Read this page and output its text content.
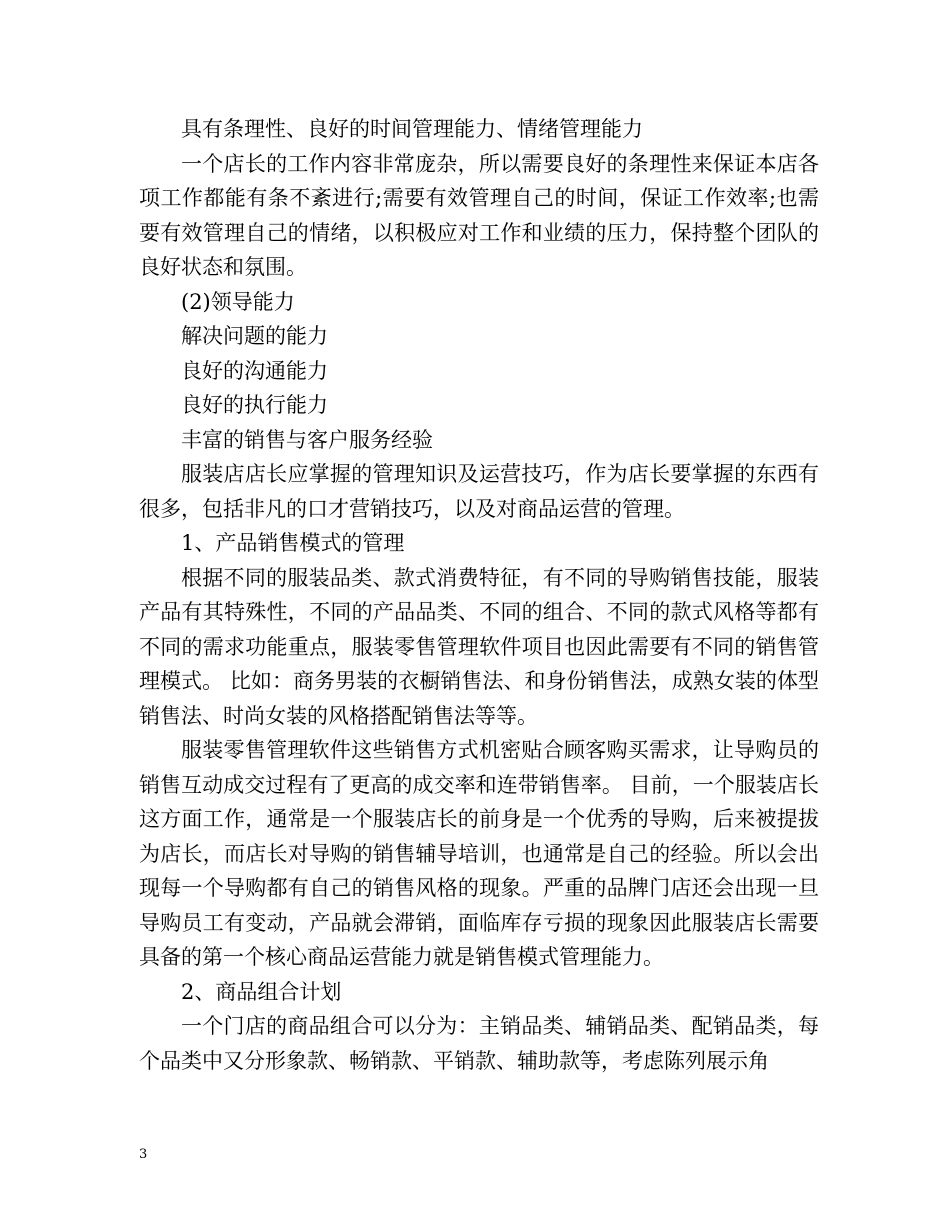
具有条理性、良好的时间管理能力、情绪管理能力

一个店长的工作内容非常庞杂，所以需要良好的条理性来保证本店各项工作都能有条不紊进行;需要有效管理自己的时间，保证工作效率;也需要有效管理自己的情绪，以积极应对工作和业绩的压力，保持整个团队的良好状态和氛围。

(2)领导能力

解决问题的能力

良好的沟通能力

良好的执行能力

丰富的销售与客户服务经验

服装店店长应掌握的管理知识及运营技巧，作为店长要掌握的东西有很多，包括非凡的口才营销技巧，以及对商品运营的管理。

1、产品销售模式的管理

根据不同的服装品类、款式消费特征，有不同的导购销售技能，服装产品有其特殊性，不同的产品品类、不同的组合、不同的款式风格等都有不同的需求功能重点，服装零售管理软件项目也因此需要有不同的销售管理模式。 比如：商务男装的衣橱销售法、和身份销售法，成熟女装的体型销售法、时尚女装的风格搭配销售法等等。

服装零售管理软件这些销售方式机密贴合顾客购买需求，让导购员的销售互动成交过程有了更高的成交率和连带销售率。 目前，一个服装店长这方面工作，通常是一个服装店长的前身是一个优秀的导购，后来被提拔为店长，而店长对导购的销售辅导培训，也通常是自己的经验。所以会出现每一个导购都有自己的销售风格的现象。严重的品牌门店还会出现一旦导购员工有变动，产品就会滞销，面临库存亏损的现象因此服装店长需要具备的第一个核心商品运营能力就是销售模式管理能力。

2、商品组合计划

一个门店的商品组合可以分为：主销品类、辅销品类、配销品类，每个品类中又分形象款、畅销款、平销款、辅助款等，考虑陈列展示角

3
